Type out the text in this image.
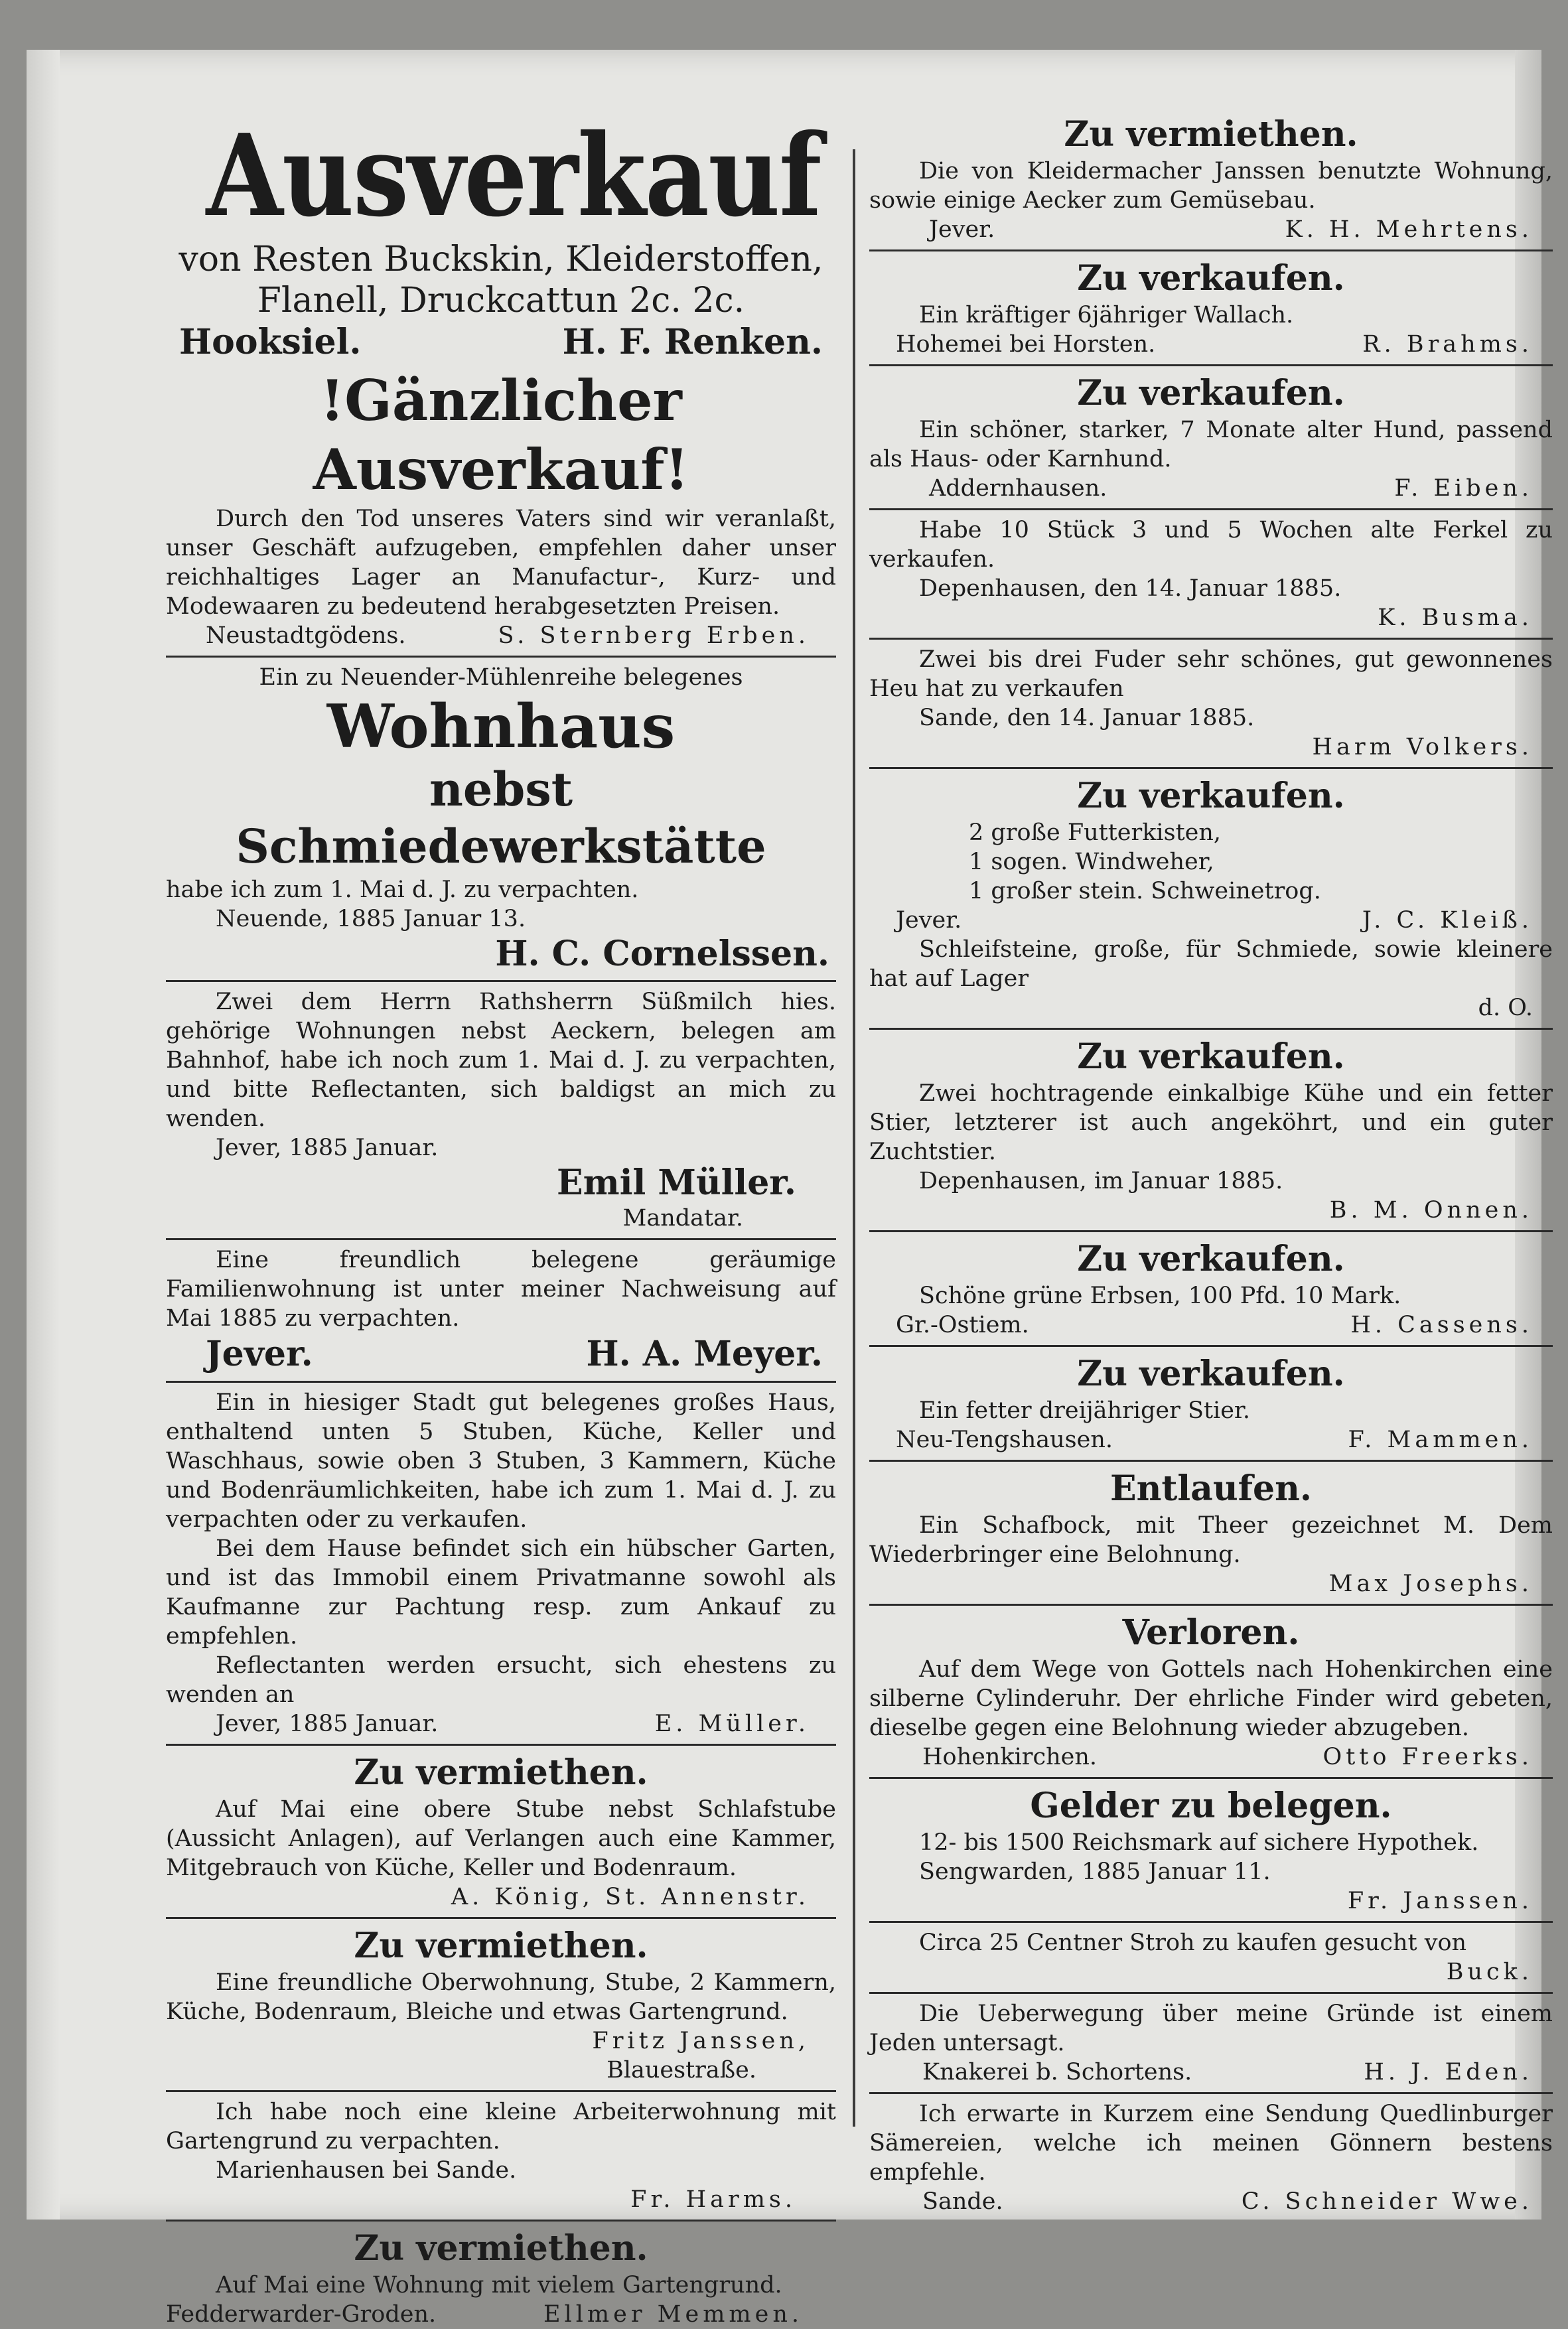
Ausverkauf
von Resten Buckskin, Kleiderstoffen,
Flanell, Druckcattun 2c. 2c.
Hooksiel.	H. F. Renken.
!Gänzlicher Ausverkauf!
Durch den Tod unseres Vaters sind wir veranlaßt, unser Geschäft aufzugeben, empfehlen daher unser reichhaltiges Lager an Manufactur-, Kurz- und Modewaaren zu bedeutend herabgesetzten Preisen.
Neustadtgödens.	S. Sternberg Erben.
Ein zu Neuender-Mühlenreihe belegenes
Wohnhaus
nebst Schmiedewerkstätte
habe ich zum 1. Mai d. J. zu verpachten.
Neuende, 1885 Januar 13.
H. C. Cornelssen.
Zwei dem Herrn Rathsherrn Süßmilch hies. gehörige Wohnungen nebst Aeckern, belegen am Bahnhof, habe ich noch zum 1. Mai d. J. zu verpachten, und bitte Reflectanten, sich baldigst an mich zu wenden.
Jever, 1885 Januar.
Emil Müller.
Mandatar.
Eine freundlich belegene geräumige Familienwohnung ist unter meiner Nachweisung auf Mai 1885 zu verpachten.
Jever.	H. A. Meyer.
Ein in hiesiger Stadt gut belegenes großes Haus, enthaltend unten 5 Stuben, Küche, Keller und Waschhaus, sowie oben 3 Stuben, 3 Kammern, Küche und Bodenräumlichkeiten, habe ich zum 1. Mai d. J. zu verpachten oder zu verkaufen.
Bei dem Hause befindet sich ein hübscher Garten, und ist das Immobil einem Privatmanne sowohl als Kaufmanne zur Pachtung resp. zum Ankauf zu empfehlen.
Reflectanten werden ersucht, sich ehestens zu wenden an
Jever, 1885 Januar.	E. Müller.
Zu vermiethen.
Auf Mai eine obere Stube nebst Schlafstube (Aussicht Anlagen), auf Verlangen auch eine Kammer, Mitgebrauch von Küche, Keller und Bodenraum.
A. König, St. Annenstr.
Zu vermiethen.
Eine freundliche Oberwohnung, Stube, 2 Kammern, Küche, Bodenraum, Bleiche und etwas Gartengrund.
Fritz Janssen,
Blauestraße.
Ich habe noch eine kleine Arbeiterwohnung mit Gartengrund zu verpachten.
Marienhausen bei Sande.
Fr. Harms.
Zu vermiethen.
Auf Mai eine Wohnung mit vielem Gartengrund.
Fedderwarder-Groden.	Ellmer Memmen.
Zu vermiethen.
Die von Kleidermacher Janssen benutzte Wohnung, sowie einige Aecker zum Gemüsebau.
Jever.	K. H. Mehrtens.
Zu verkaufen.
Ein kräftiger 6jähriger Wallach.
Hohemei bei Horsten.	R. Brahms.
Zu verkaufen.
Ein schöner, starker, 7 Monate alter Hund, passend als Haus- oder Karnhund.
Addernhausen.	F. Eiben.
Habe 10 Stück 3 und 5 Wochen alte Ferkel zu verkaufen.
Depenhausen, den 14. Januar 1885.
K. Busma.
Zwei bis drei Fuder sehr schönes, gut gewonnenes Heu hat zu verkaufen
Sande, den 14. Januar 1885.
Harm Volkers.
Zu verkaufen.
2 große Futterkisten,
1 sogen. Windweher,
1 großer stein. Schweinetrog.
Jever.	J. C. Kleiß.
Schleifsteine, große, für Schmiede, sowie kleinere hat auf Lager
d. O.
Zu verkaufen.
Zwei hochtragende einkalbige Kühe und ein fetter Stier, letzterer ist auch angeköhrt, und ein guter Zuchtstier.
Depenhausen, im Januar 1885.
B. M. Onnen.
Zu verkaufen.
Schöne grüne Erbsen, 100 Pfd. 10 Mark.
Gr.-Ostiem.	H. Cassens.
Zu verkaufen.
Ein fetter dreijähriger Stier.
Neu-Tengshausen.	F. Mammen.
Entlaufen.
Ein Schafbock, mit Theer gezeichnet M. Dem Wiederbringer eine Belohnung.
Max Josephs.
Verloren.
Auf dem Wege von Gottels nach Hohenkirchen eine silberne Cylinderuhr. Der ehrliche Finder wird gebeten, dieselbe gegen eine Belohnung wieder abzugeben.
Hohenkirchen.	Otto Freerks.
Gelder zu belegen.
12- bis 1500 Reichsmark auf sichere Hypothek.
Sengwarden, 1885 Januar 11.
Fr. Janssen.
Circa 25 Centner Stroh zu kaufen gesucht von
Buck.
Die Ueberwegung über meine Gründe ist einem Jeden untersagt.
Knakerei b. Schortens.	H. J. Eden.
Ich erwarte in Kurzem eine Sendung Quedlinburger Sämereien, welche ich meinen Gönnern bestens empfehle.
Sande.	C. Schneider Wwe.
